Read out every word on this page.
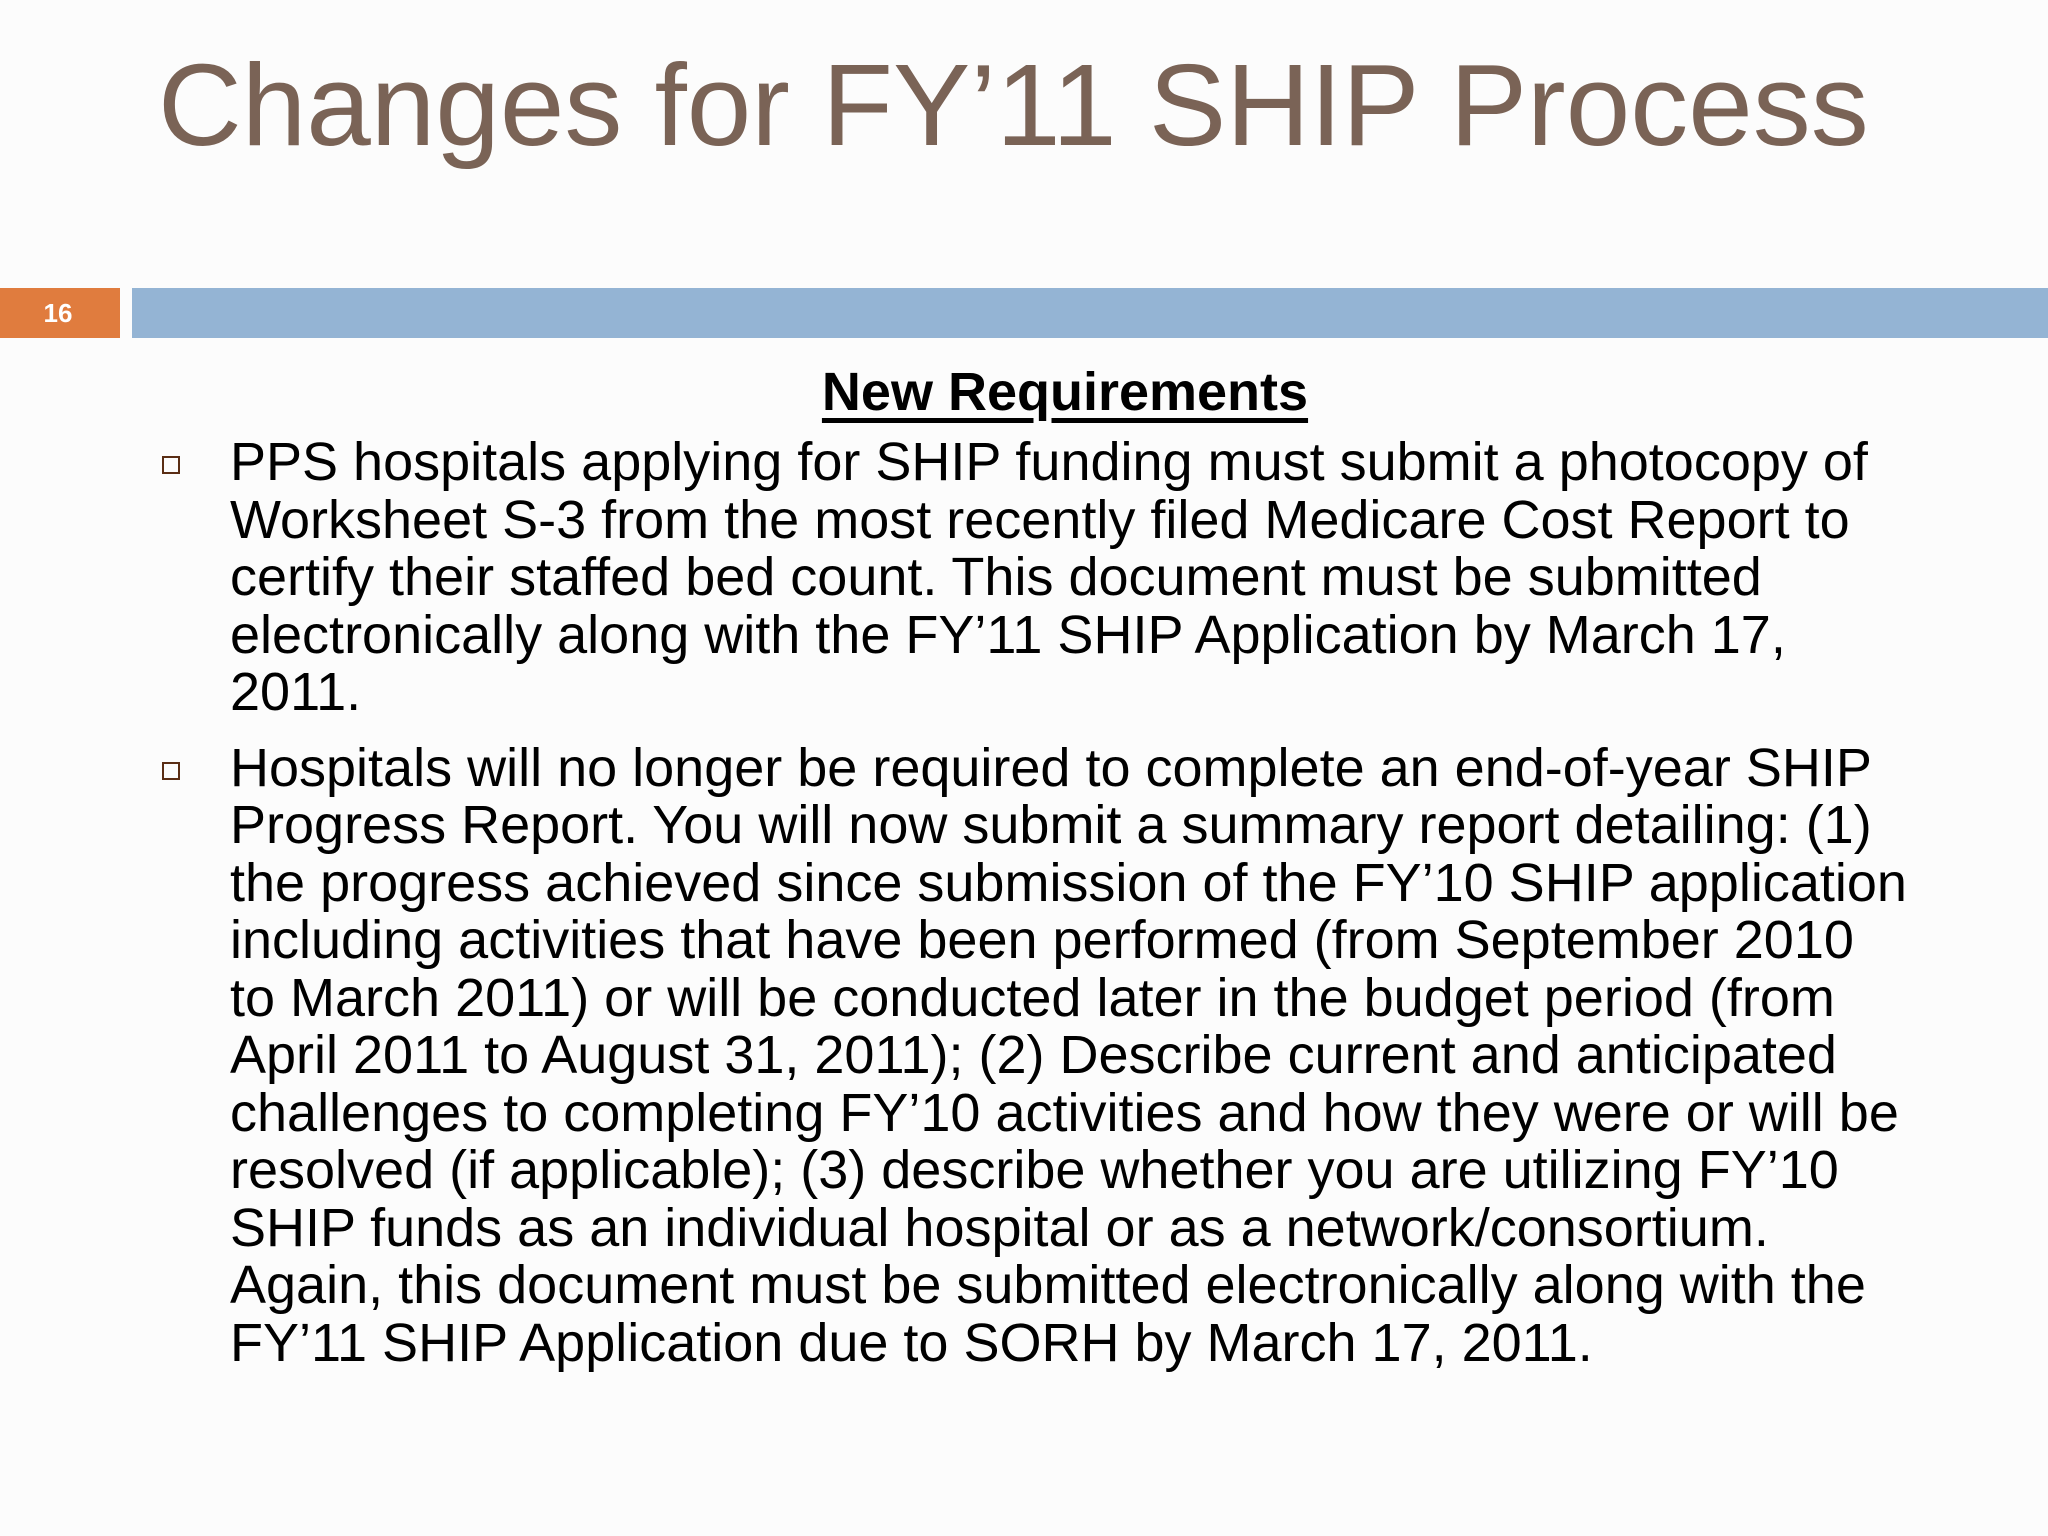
Changes for FY’11 SHIP Process
16

New Requirements

PPS hospitals applying for SHIP funding must submit a photocopy of Worksheet S-3 from the most recently filed Medicare Cost Report to certify their staffed bed count. This document must be submitted electronically along with the FY’11 SHIP Application by March 17, 2011.
Hospitals will no longer be required to complete an end-of-year SHIP Progress Report. You will now submit a summary report detailing: (1) the progress achieved since submission of the FY’10 SHIP application including activities that have been performed (from September 2010 to March 2011) or will be conducted later in the budget period (from April 2011 to August 31, 2011); (2) Describe current and anticipated challenges to completing FY’10 activities and how they were or will be resolved (if applicable); (3) describe whether you are utilizing FY’10 SHIP funds as an individual hospital or as a network/consortium. Again, this document must be submitted electronically along with the FY’11 SHIP Application due to SORH by March 17, 2011.
